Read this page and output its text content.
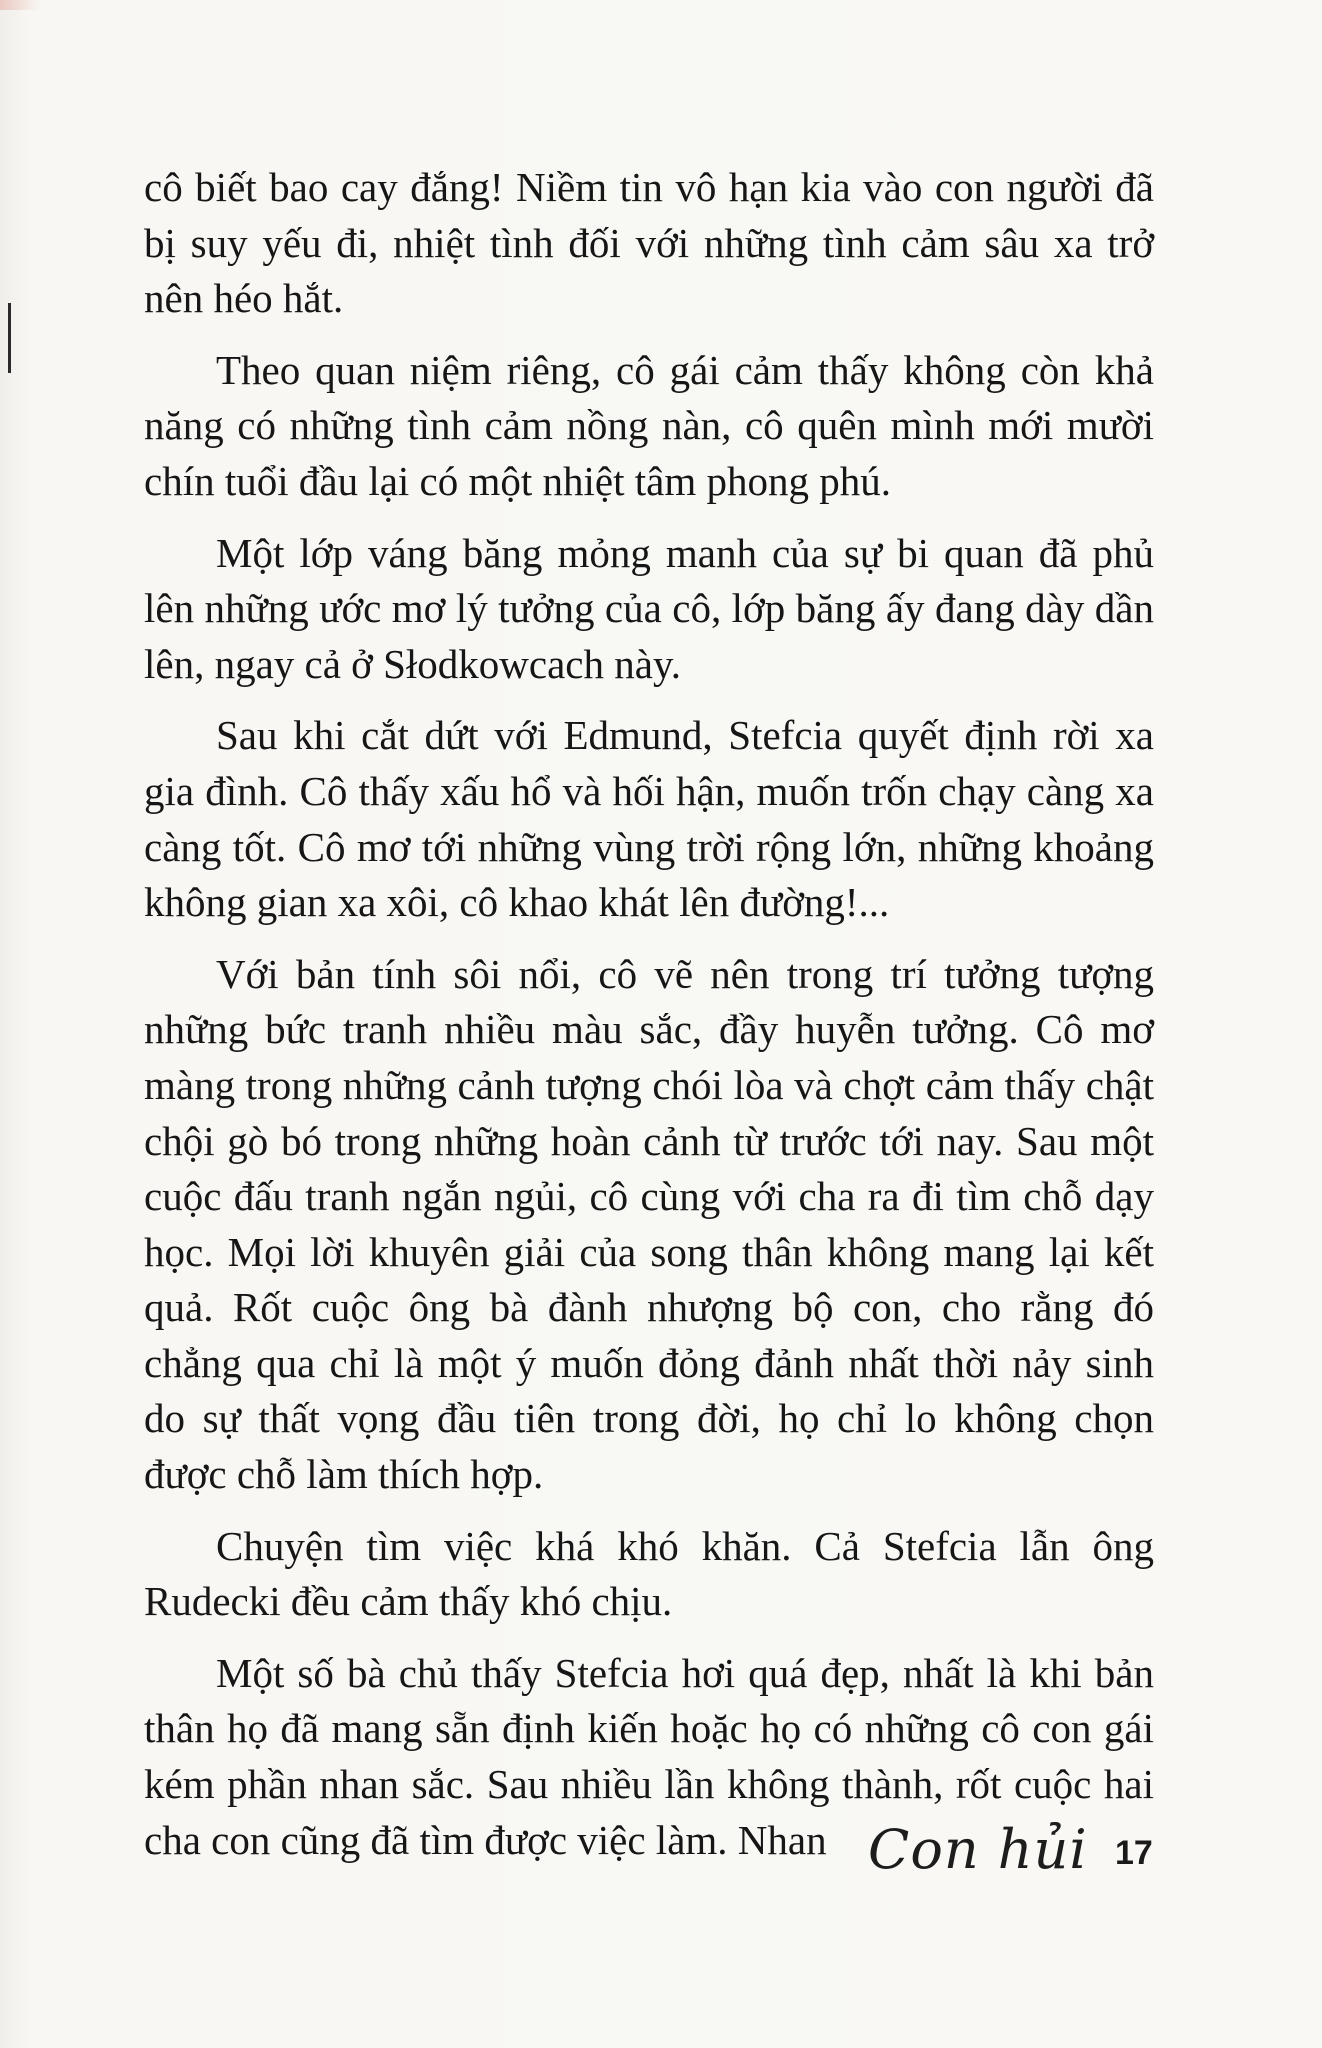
cô biết bao cay đắng! Niềm tin vô hạn kia vào con người đã bị suy yếu đi, nhiệt tình đối với những tình cảm sâu xa trở nên héo hắt.

Theo quan niệm riêng, cô gái cảm thấy không còn khả năng có những tình cảm nồng nàn, cô quên mình mới mười chín tuổi đầu lại có một nhiệt tâm phong phú.

Một lớp váng băng mỏng manh của sự bi quan đã phủ lên những ước mơ lý tưởng của cô, lớp băng ấy đang dày dần lên, ngay cả ở Słodkowcach này.

Sau khi cắt dứt với Edmund, Stefcia quyết định rời xa gia đình. Cô thấy xấu hổ và hối hận, muốn trốn chạy càng xa càng tốt. Cô mơ tới những vùng trời rộng lớn, những khoảng không gian xa xôi, cô khao khát lên đường!...

Với bản tính sôi nổi, cô vẽ nên trong trí tưởng tượng những bức tranh nhiều màu sắc, đầy huyễn tưởng. Cô mơ màng trong những cảnh tượng chói lòa và chợt cảm thấy chật chội gò bó trong những hoàn cảnh từ trước tới nay. Sau một cuộc đấu tranh ngắn ngủi, cô cùng với cha ra đi tìm chỗ dạy học. Mọi lời khuyên giải của song thân không mang lại kết quả. Rốt cuộc ông bà đành nhượng bộ con, cho rằng đó chẳng qua chỉ là một ý muốn đỏng đảnh nhất thời nảy sinh do sự thất vọng đầu tiên trong đời, họ chỉ lo không chọn được chỗ làm thích hợp.

Chuyện tìm việc khá khó khăn. Cả Stefcia lẫn ông Rudecki đều cảm thấy khó chịu.

Một số bà chủ thấy Stefcia hơi quá đẹp, nhất là khi bản thân họ đã mang sẵn định kiến hoặc họ có những cô con gái kém phần nhan sắc. Sau nhiều lần không thành, rốt cuộc hai cha con cũng đã tìm được việc làm. Nhan Con hủi 17
